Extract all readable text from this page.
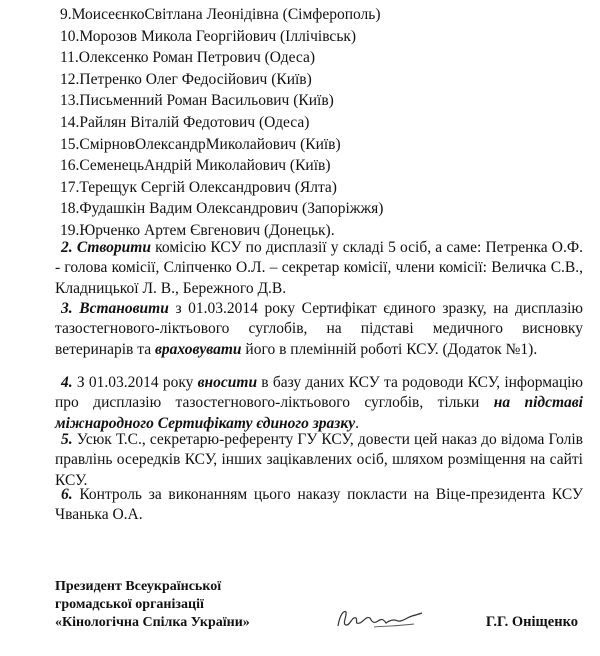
9.МоисеєнкоСвітлана Леонідівна (Сімферополь)
10.Морозов Микола Георгійович (Іллічівськ)
11.Олексенко Роман Петрович (Одеса)
12.Петренко Олег Федосійович (Київ)
13.Письменний Роман Васильович (Київ)
14.Райлян Віталій Федотович (Одеса)
15.СмірновОлександрМиколайович (Київ)
16.СеменецьАндрій Миколайович (Київ)
17.Терещук Сергій Олександрович (Ялта)
18.Фудашкін Вадим Олександрович (Запоріжжя)
19.Юрченко Артем Євгенович (Донецьк).
2. Створити комісію КСУ по дисплазії у складі 5 осіб, а саме: Петренка О.Ф. - голова комісії, Сліпченко О.Л. – секретар комісії, члени комісії: Величка С.В., Кладницької Л. В., Бережного Д.В.
3. Встановити з 01.03.2014 року Сертифікат єдиного зразку, на дисплазію тазостегнового-ліктьового суглобів, на підставі медичного висновку ветеринарів та враховувати його в племінній роботі КСУ. (Додаток №1).
4. З 01.03.2014 року вносити в базу даних КСУ та родоводи КСУ, інформацію про дисплазію тазостегнового-ліктьового суглобів, тільки на підставі міжнародного Сертифікату єдиного зразку.
5. Усюк Т.С., секретарю-референту ГУ КСУ, довести цей наказ до відома Голів правлінь осередків КСУ, інших зацікавлених осіб, шляхом розміщення на сайті КСУ.
6. Контроль за виконанням цього наказу покласти на Віце-президента КСУ Чванька О.А.
Президент Всеукраїнської
громадської організації
«Кінологічна Спілка України»	Г.Г. Оніщенко
